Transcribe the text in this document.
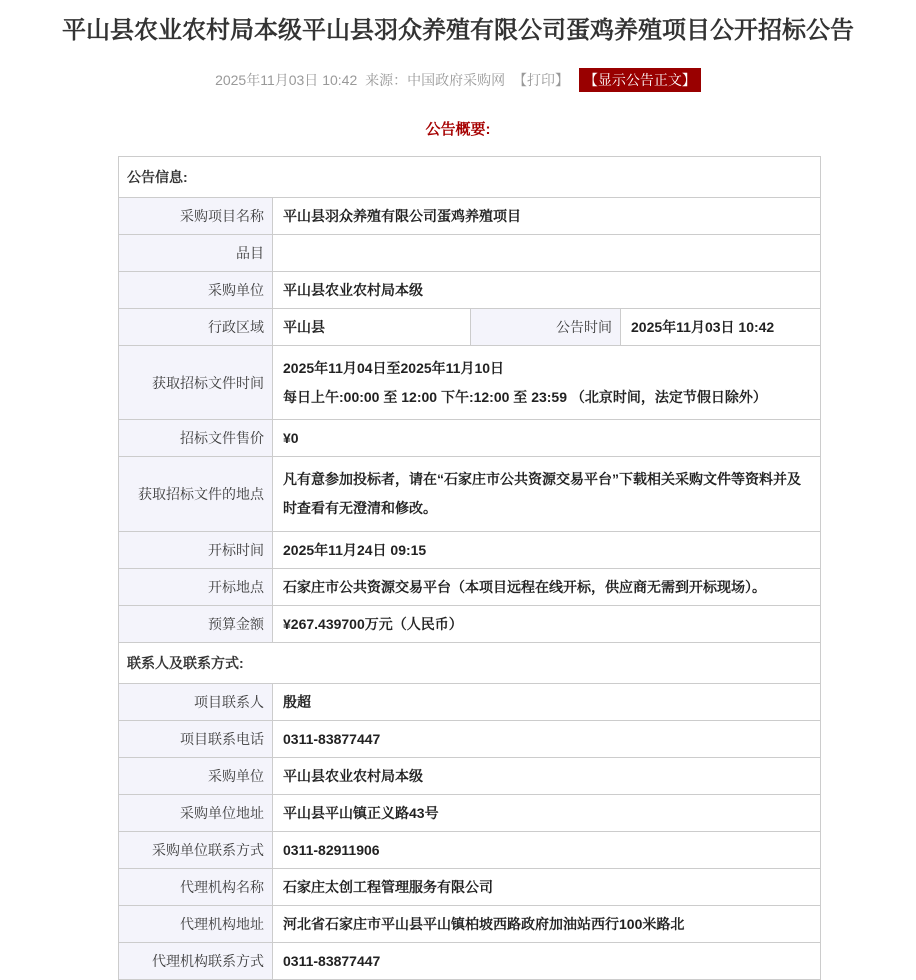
平山县农业农村局本级平山县羽众养殖有限公司蛋鸡养殖项目公开招标公告
2025年11月03日 10:42 来源：中国政府采购网 【打印】 【显示公告正文】
公告概要:
公告信息:			
采购项目名称	平山县羽众养殖有限公司蛋鸡养殖项目		
品目			
采购单位	平山县农业农村局本级		
行政区域	平山县	公告时间	2025年11月03日 10:42
获取招标文件时间	2025年11月04日至2025年11月10日
每日上午:00:00 至 12:00 下午:12:00 至 23:59 （北京时间，法定节假日除外）		

招标文件售价	¥0		
获取招标文件的地点	凡有意参加投标者，请在“石家庄市公共资源交易平台”下载相关采购文件等资料并及时查看有无澄清和修改。		
开标时间	2025年11月24日 09:15		
开标地点	石家庄市公共资源交易平台（本项目远程在线开标，供应商无需到开标现场）。		
预算金额	¥267.439700万元（人民币）		
联系人及联系方式:			
项目联系人	殷超		
项目联系电话	0311-83877447		
采购单位	平山县农业农村局本级		
采购单位地址	平山县平山镇正义路43号		
采购单位联系方式	0311-82911906		
代理机构名称	石家庄太创工程管理服务有限公司		
代理机构地址	河北省石家庄市平山县平山镇柏坡西路政府加油站西行100米路北		
代理机构联系方式	0311-83877447		
